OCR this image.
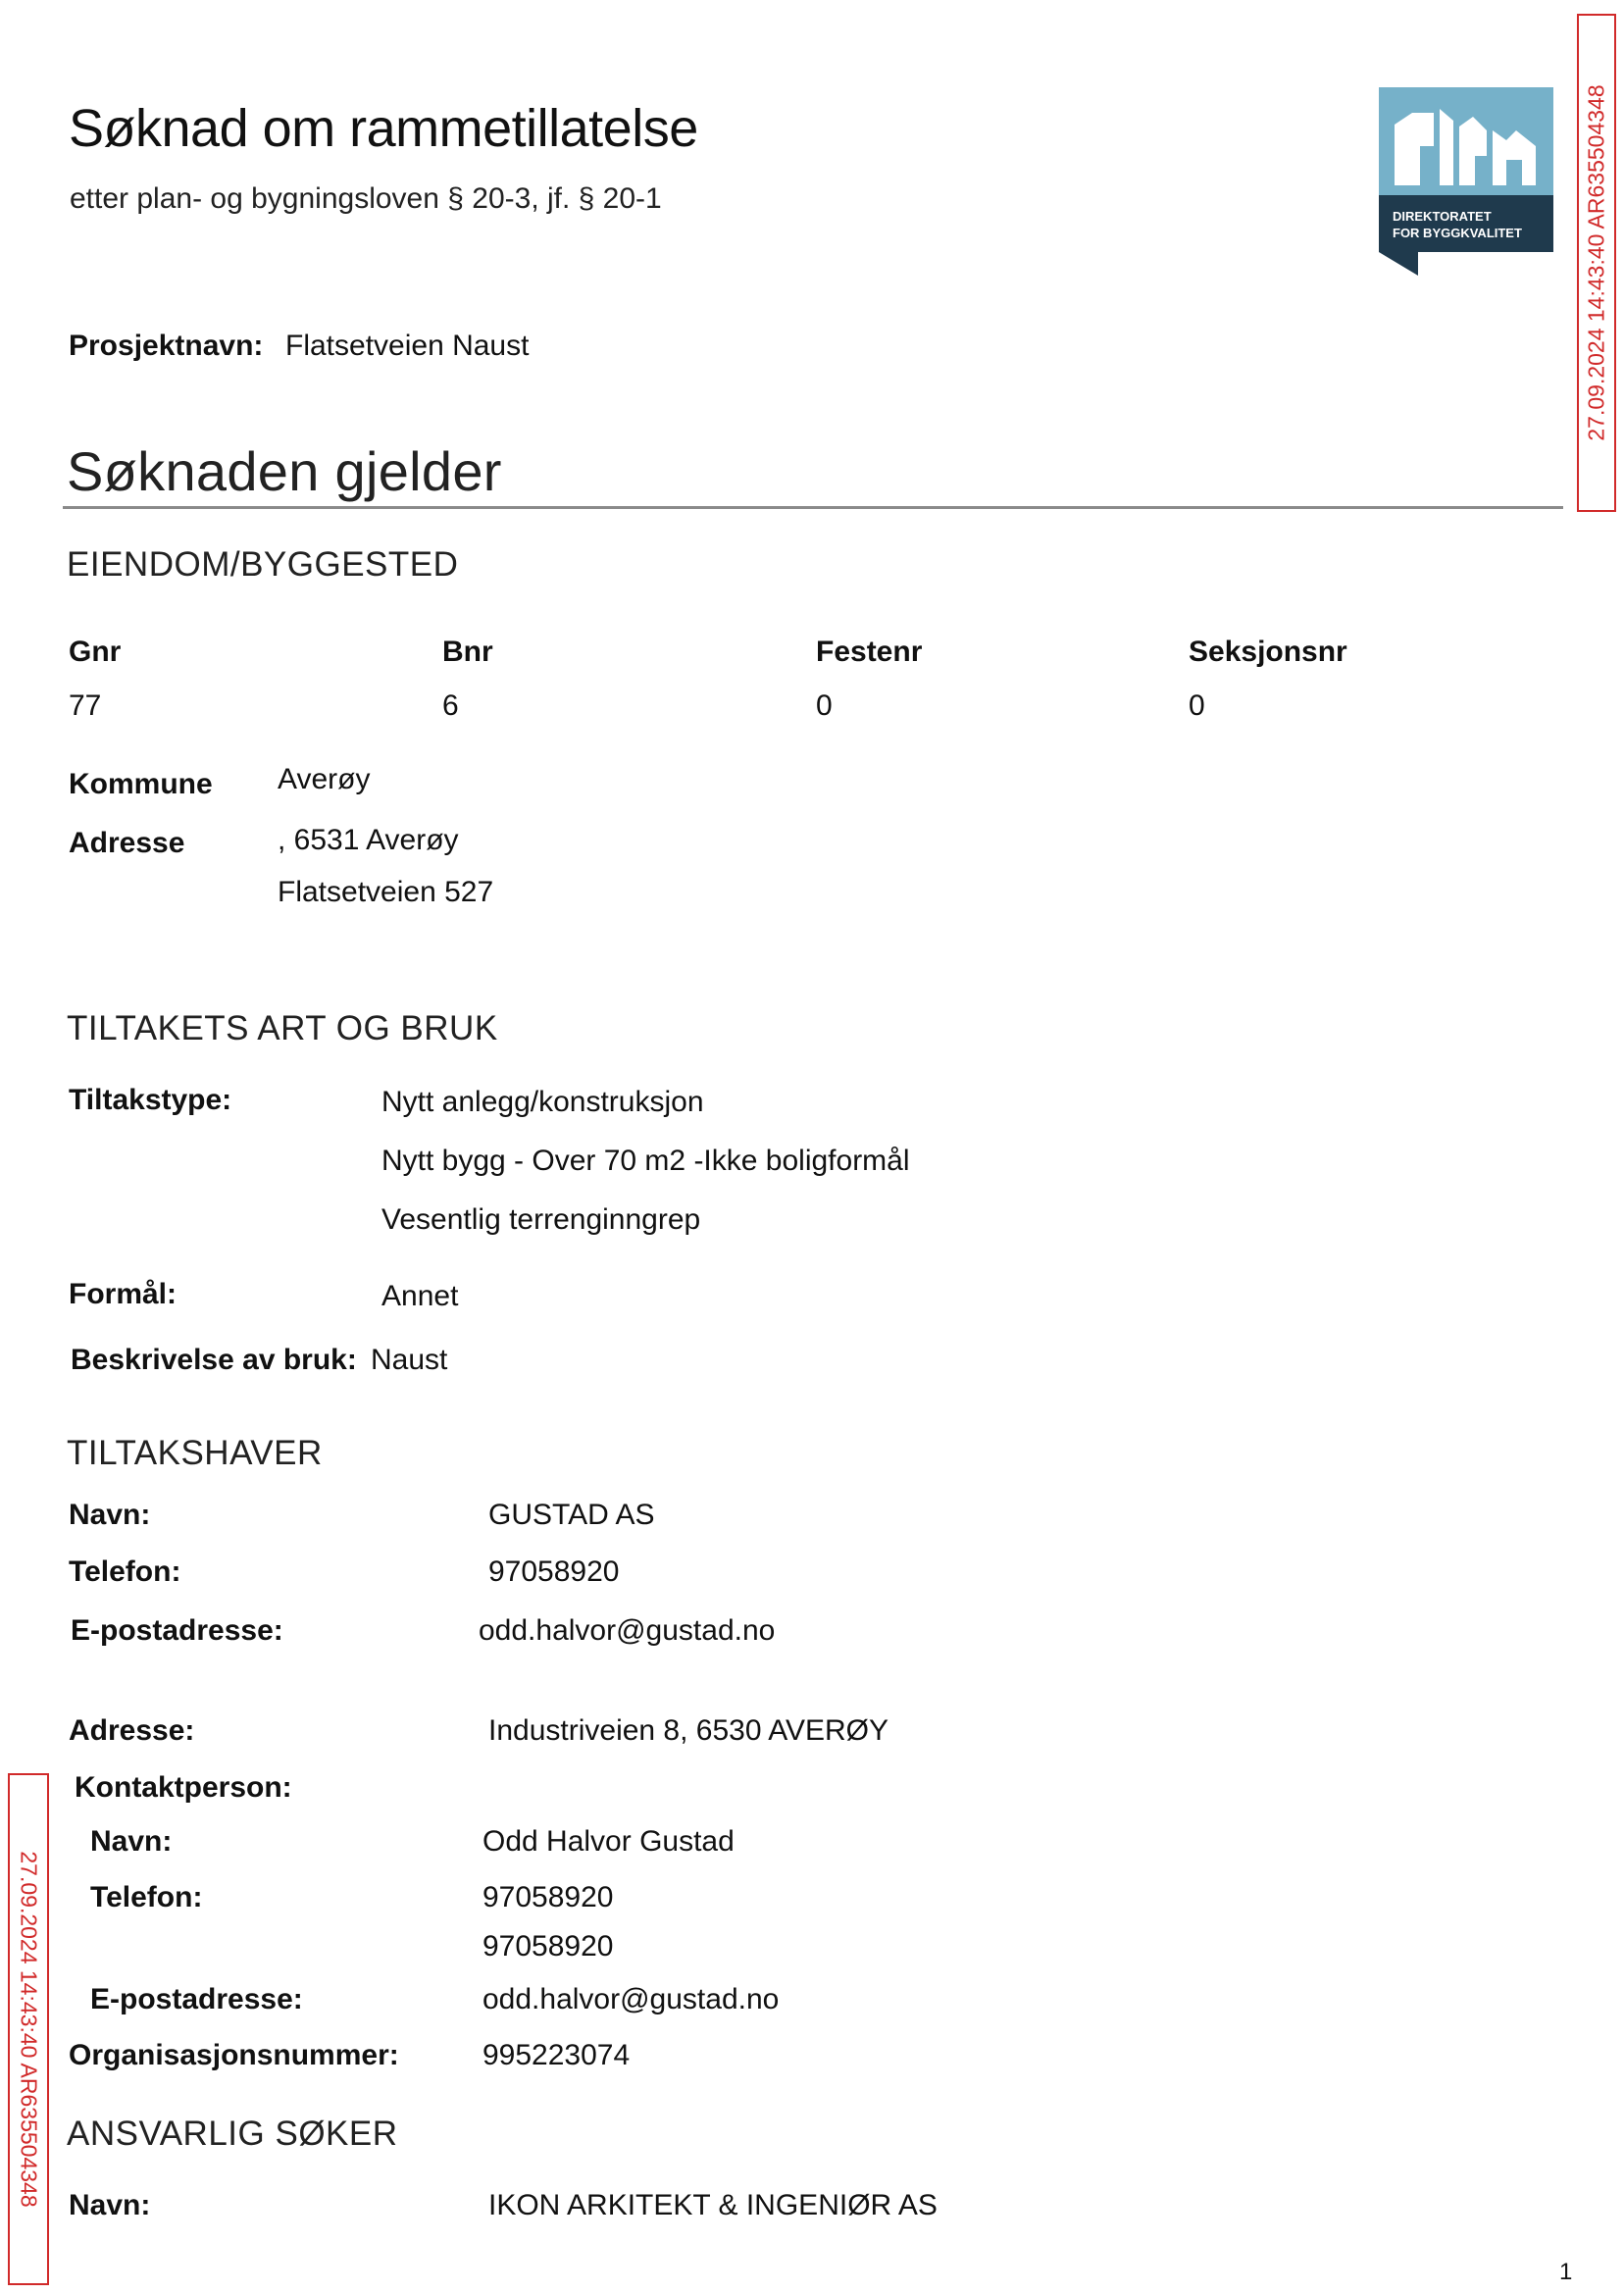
Søknad om rammetillatelse
etter plan- og bygningsloven § 20-3, jf. § 20-1
DIREKTORATET
FOR BYGGKVALITET	27.09.2024 14:43:40 AR635504348
27.09.2024 14:43:40 AR635504348
Prosjektnavn: Flatsetveien Naust
Søknaden gjelder
EIENDOM/BYGGESTED
Gnr	Bnr	Festenr	Seksjonsnr
77	6	0	0
Kommune Averøy
Adresse	, 6531 Averøy
Flatsetveien 527
TILTAKETS ART OG BRUK
Tiltakstype:	Nytt anlegg/konstruksjon
Nytt bygg - Over 70 m2 -Ikke boligformål
Vesentlig terrenginngrep
Formål:	Annet
Beskrivelse av bruk: Naust
TILTAKSHAVER
Navn:	GUSTAD AS
Telefon:	97058920
E-postadresse:	odd.halvor@gustad.no
Adresse:	Industriveien 8, 6530 AVERØY
Kontaktperson:
Navn:	Odd Halvor Gustad
Telefon:	97058920
97058920
E-postadresse:	odd.halvor@gustad.no
Organisasjonsnummer:	995223074
ANSVARLIG SØKER
Navn:	IKON ARKITEKT & INGENIØR AS
1
